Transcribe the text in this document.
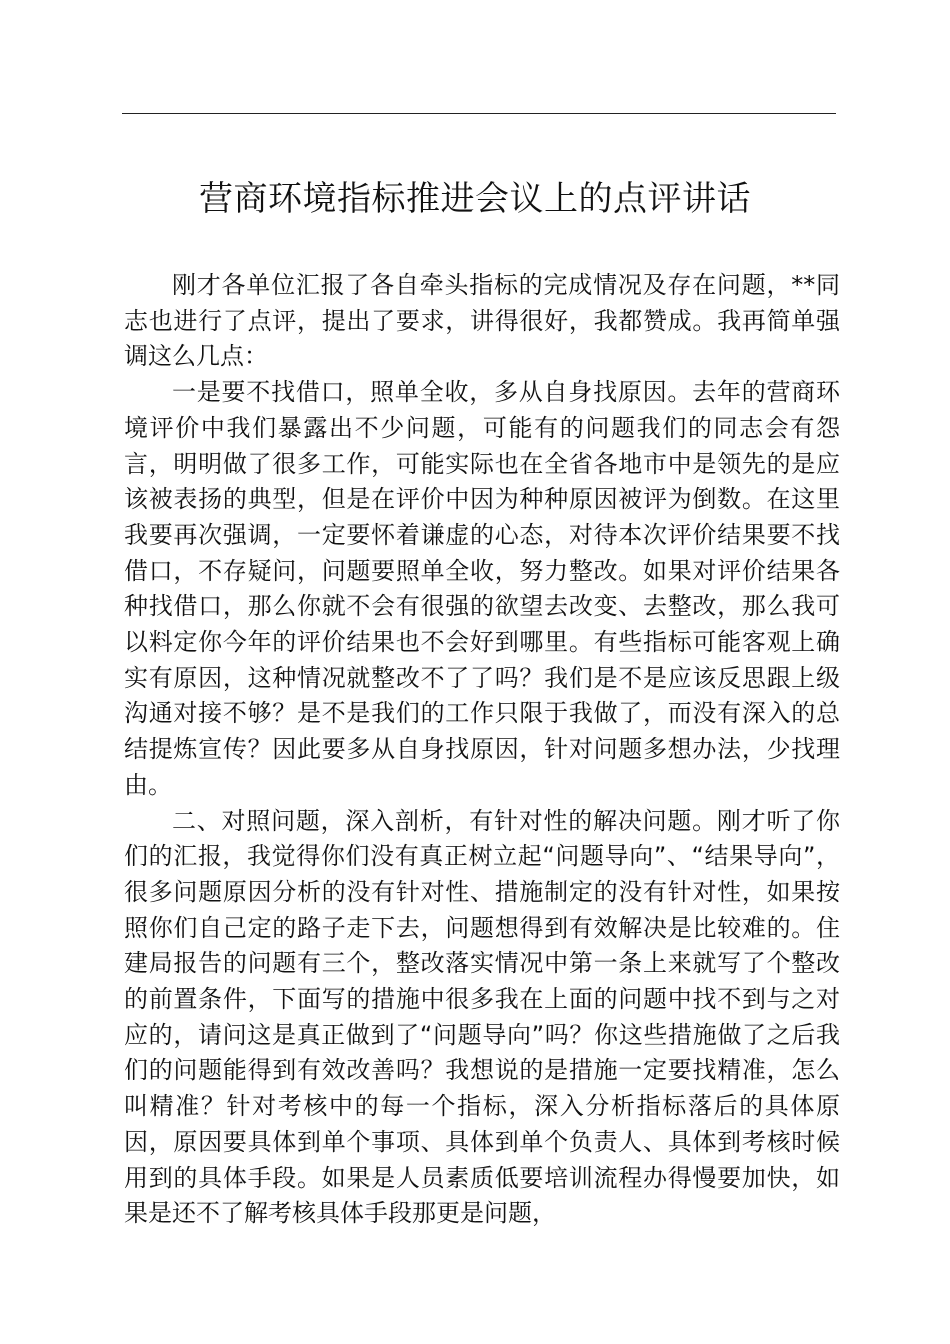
营商环境指标推进会议上的点评讲话

刚才各单位汇报了各自牵头指标的完成情况及存在问题，**同志也进行了点评，提出了要求，讲得很好，我都赞成。我再简单强调这么几点：

一是要不找借口，照单全收，多从自身找原因。去年的营商环境评价中我们暴露出不少问题，可能有的问题我们的同志会有怨言，明明做了很多工作，可能实际也在全省各地市中是领先的是应该被表扬的典型，但是在评价中因为种种原因被评为倒数。在这里我要再次强调，一定要怀着谦虚的心态，对待本次评价结果要不找借口，不存疑问，问题要照单全收，努力整改。如果对评价结果各种找借口，那么你就不会有很强的欲望去改变、去整改，那么我可以料定你今年的评价结果也不会好到哪里。有些指标可能客观上确实有原因，这种情况就整改不了了吗？我们是不是应该反思跟上级沟通对接不够？是不是我们的工作只限于我做了，而没有深入的总结提炼宣传？因此要多从自身找原因，针对问题多想办法，少找理由。

二、对照问题，深入剖析，有针对性的解决问题。刚才听了你们的汇报，我觉得你们没有真正树立起“问题导向”、“结果导向”，很多问题原因分析的没有针对性、措施制定的没有针对性，如果按照你们自己定的路子走下去，问题想得到有效解决是比较难的。住建局报告的问题有三个，整改落实情况中第一条上来就写了个整改的前置条件，下面写的措施中很多我在上面的问题中找不到与之对应的，请问这是真正做到了“问题导向”吗？你这些措施做了之后我们的问题能得到有效改善吗？我想说的是措施一定要找精准，怎么叫精准？针对考核中的每一个指标，深入分析指标落后的具体原因，原因要具体到单个事项、具体到单个负责人、具体到考核时候用到的具体手段。如果是人员素质低要培训流程办得慢要加快，如果是还不了解考核具体手段那更是问题，
